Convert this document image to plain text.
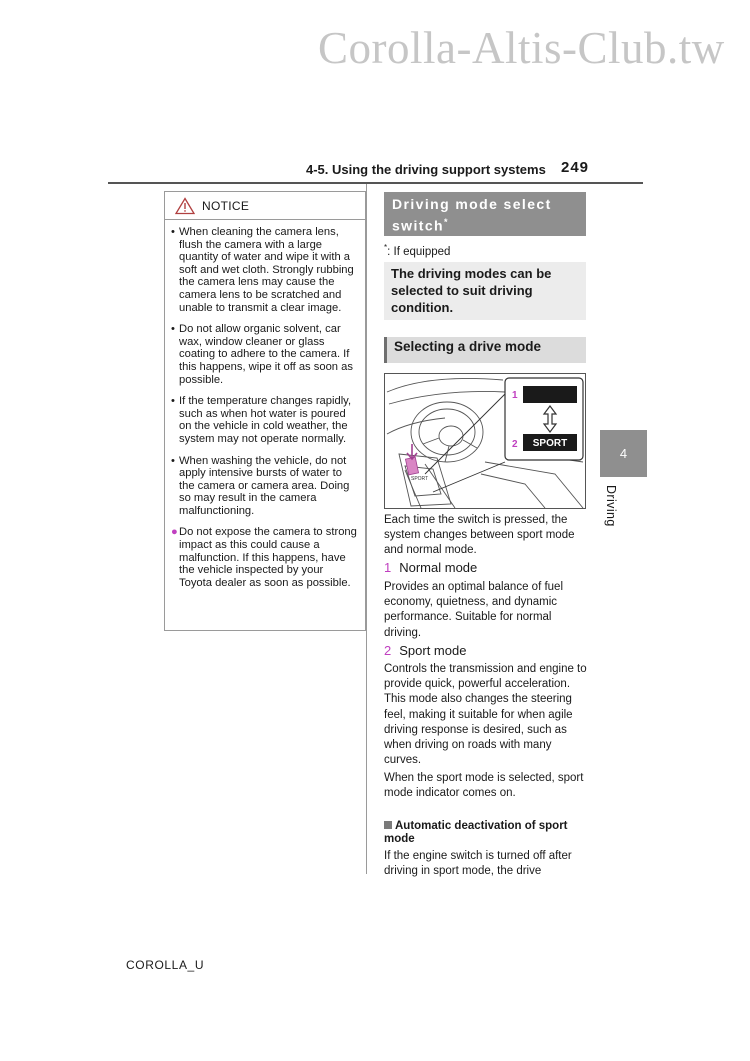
Corolla-Altis-Club.tw
4-5. Using the driving support systems 249
NOTICE
• When cleaning the camera lens, flush the camera with a large quantity of water and wipe it with a soft and wet cloth. Strongly rubbing the camera lens may cause the camera lens to be scratched and unable to transmit a clear image.
• Do not allow organic solvent, car wax, window cleaner or glass coating to adhere to the camera. If this happens, wipe it off as soon as possible.
• If the temperature changes rapidly, such as when hot water is poured on the vehicle in cold weather, the system may not operate normally.
• When washing the vehicle, do not apply intensive bursts of water to the camera or camera area. Doing so may result in the camera malfunctioning.
● Do not expose the camera to strong impact as this could cause a malfunction. If this happens, have the vehicle inspected by your Toyota dealer as soon as possible.
Driving mode select switch*
*: If equipped
The driving modes can be selected to suit driving condition.
Selecting a drive mode
SPORT
SPORT
1
2
Each time the switch is pressed, the system changes between sport mode and normal mode.
1 Normal mode
Provides an optimal balance of fuel economy, quietness, and dynamic performance. Suitable for normal driving.
2 Sport mode
Controls the transmission and engine to provide quick, powerful acceleration. This mode also changes the steering feel, making it suitable for when agile driving response is desired, such as when driving on roads with many curves.
When the sport mode is selected, sport mode indicator comes on.
Automatic deactivation of sport mode
If the engine switch is turned off after driving in sport mode, the drive
4
Driving
COROLLA_U
